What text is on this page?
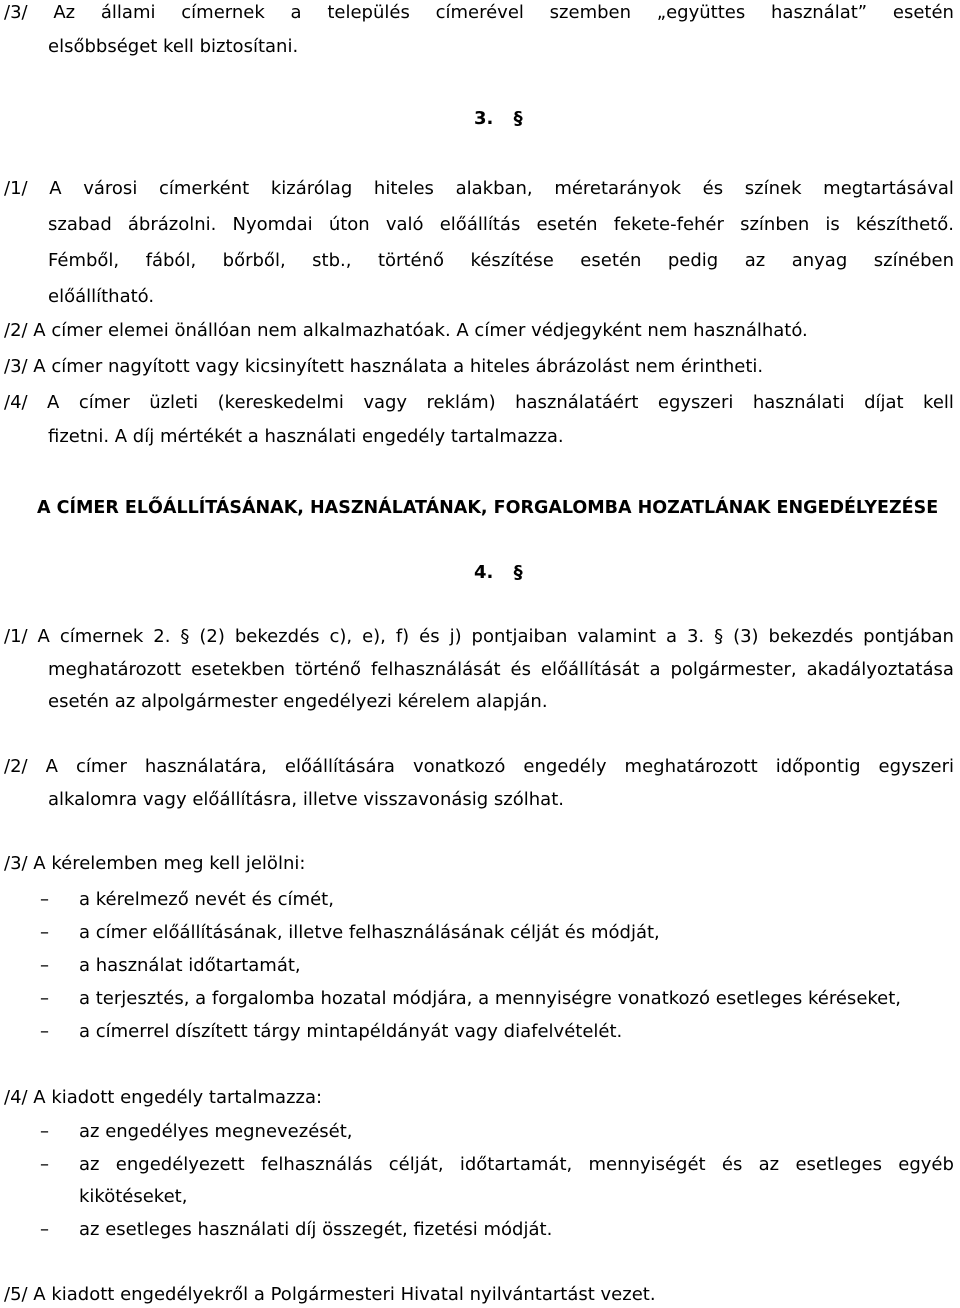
/3/ Az állami címernek a település címerével szemben „együttes használat” esetén
elsőbbséget kell biztosítani.
3. §
/1/ A városi címerként kizárólag hiteles alakban, méretarányok és színek megtartásával
szabad ábrázolni. Nyomdai úton való előállítás esetén fekete-fehér színben is készíthető.
Fémből, fából, bőrből, stb., történő készítése esetén pedig az anyag színében
előállítható.
/2/ A címer elemei önállóan nem alkalmazhatóak. A címer védjegyként nem használható.
/3/ A címer nagyított vagy kicsinyített használata a hiteles ábrázolást nem érintheti.
/4/ A címer üzleti (kereskedelmi vagy reklám) használatáért egyszeri használati díjat kell
fizetni. A díj mértékét a használati engedély tartalmazza.
A CÍMER ELŐÁLLÍTÁSÁNAK, HASZNÁLATÁNAK, FORGALOMBA HOZATLÁNAK ENGEDÉLYEZÉSE
4. §
/1/ A címernek 2. § (2) bekezdés c), e), f) és j) pontjaiban valamint a 3. § (3) bekezdés pontjában
meghatározott esetekben történő felhasználását és előállítását a polgármester, akadályoztatása
esetén az alpolgármester engedélyezi kérelem alapján.
/2/ A címer használatára, előállítására vonatkozó engedély meghatározott időpontig egyszeri
alkalomra vagy előállításra, illetve visszavonásig szólhat.
/3/ A kérelemben meg kell jelölni:
– a kérelmező nevét és címét,
– a címer előállításának, illetve felhasználásának célját és módját,
– a használat időtartamát,
– a terjesztés, a forgalomba hozatal módjára, a mennyiségre vonatkozó esetleges kéréseket,
– a címerrel díszített tárgy mintapéldányát vagy diafelvételét.
/4/ A kiadott engedély tartalmazza:
– az engedélyes megnevezését,
– az engedélyezett felhasználás célját, időtartamát, mennyiségét és az esetleges egyéb
kikötéseket,
– az esetleges használati díj összegét, fizetési módját.
/5/ A kiadott engedélyekről a Polgármesteri Hivatal nyilvántartást vezet.
